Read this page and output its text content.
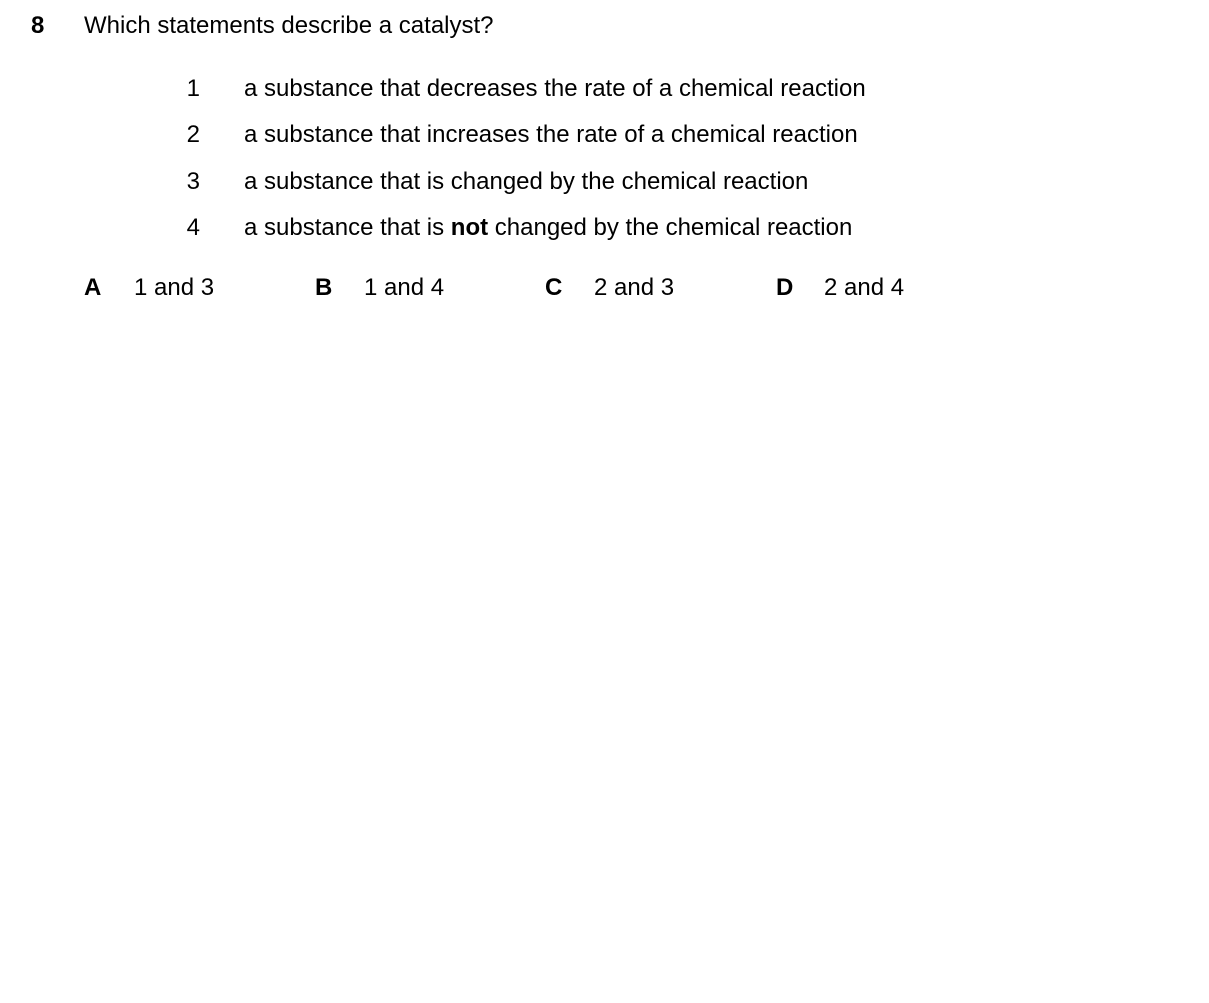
8 Which statements describe a catalyst?
1 a substance that decreases the rate of a chemical reaction
2 a substance that increases the rate of a chemical reaction
3 a substance that is changed by the chemical reaction
4 a substance that is not changed by the chemical reaction
A 1 and 3	B 1 and 4	C 2 and 3	D 2 and 4
